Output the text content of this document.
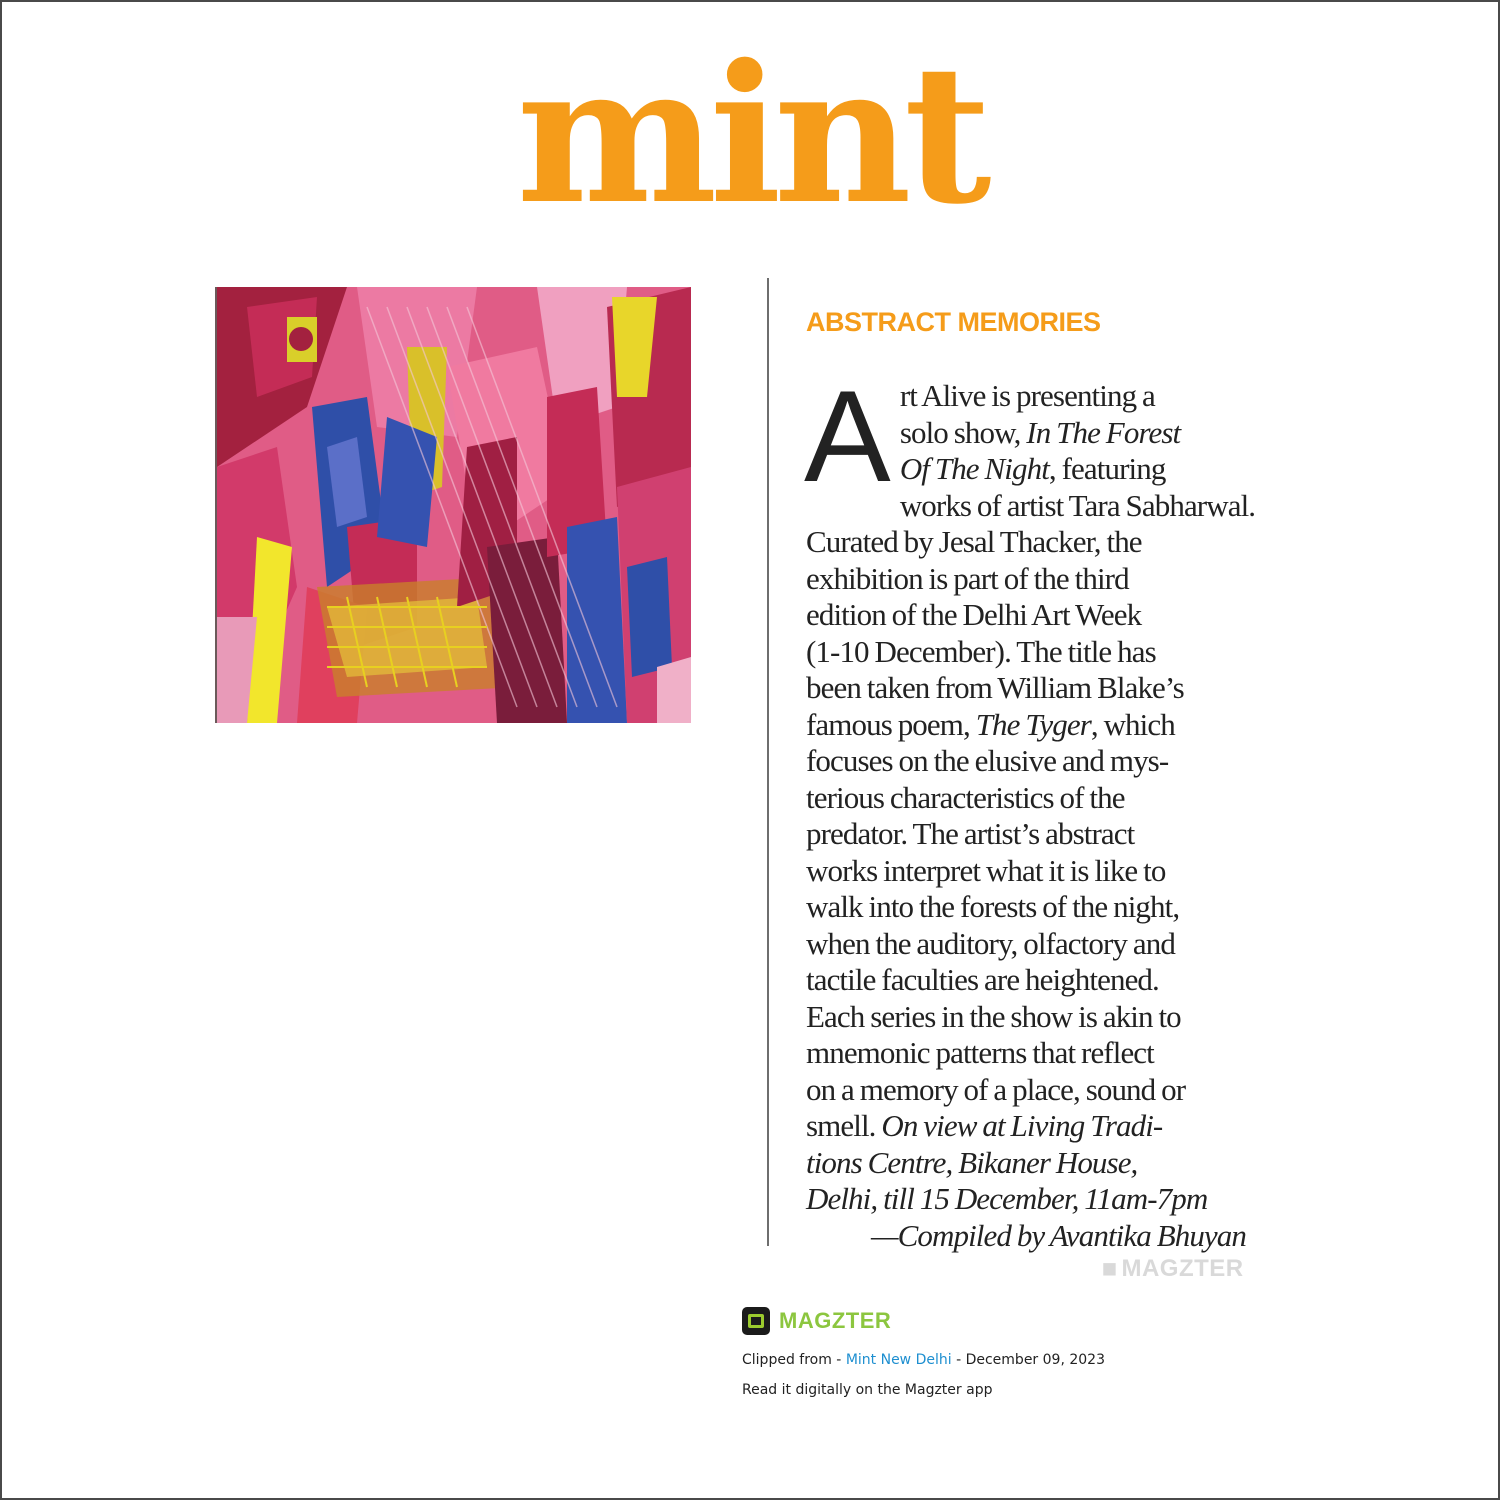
mint
ABSTRACT MEMORIES
A rt Alive is presenting a
solo show, In The Forest
Of The Night, featuring
works of artist Tara Sabharwal.
Curated by Jesal Thacker, the
exhibition is part of the third
edition of the Delhi Art Week
(1-10 December). The title has
been taken from William Blake’s
famous poem, The Tyger, which
focuses on the elusive and mys-
terious characteristics of the
predator. The artist’s abstract
works interpret what it is like to
walk into the forests of the night,
when the auditory, olfactory and
tactile faculties are heightened.
Each series in the show is akin to
mnemonic patterns that reflect
on a memory of a place, sound or
smell. On view at Living Tradi-
tions Centre, Bikaner House,
Delhi, till 15 December, 11am-7pm
—Compiled by Avantika Bhuyan
◼ MAGZTER
MAGZTER
Clipped from - Mint New Delhi - December 09, 2023
Read it digitally on the Magzter app
